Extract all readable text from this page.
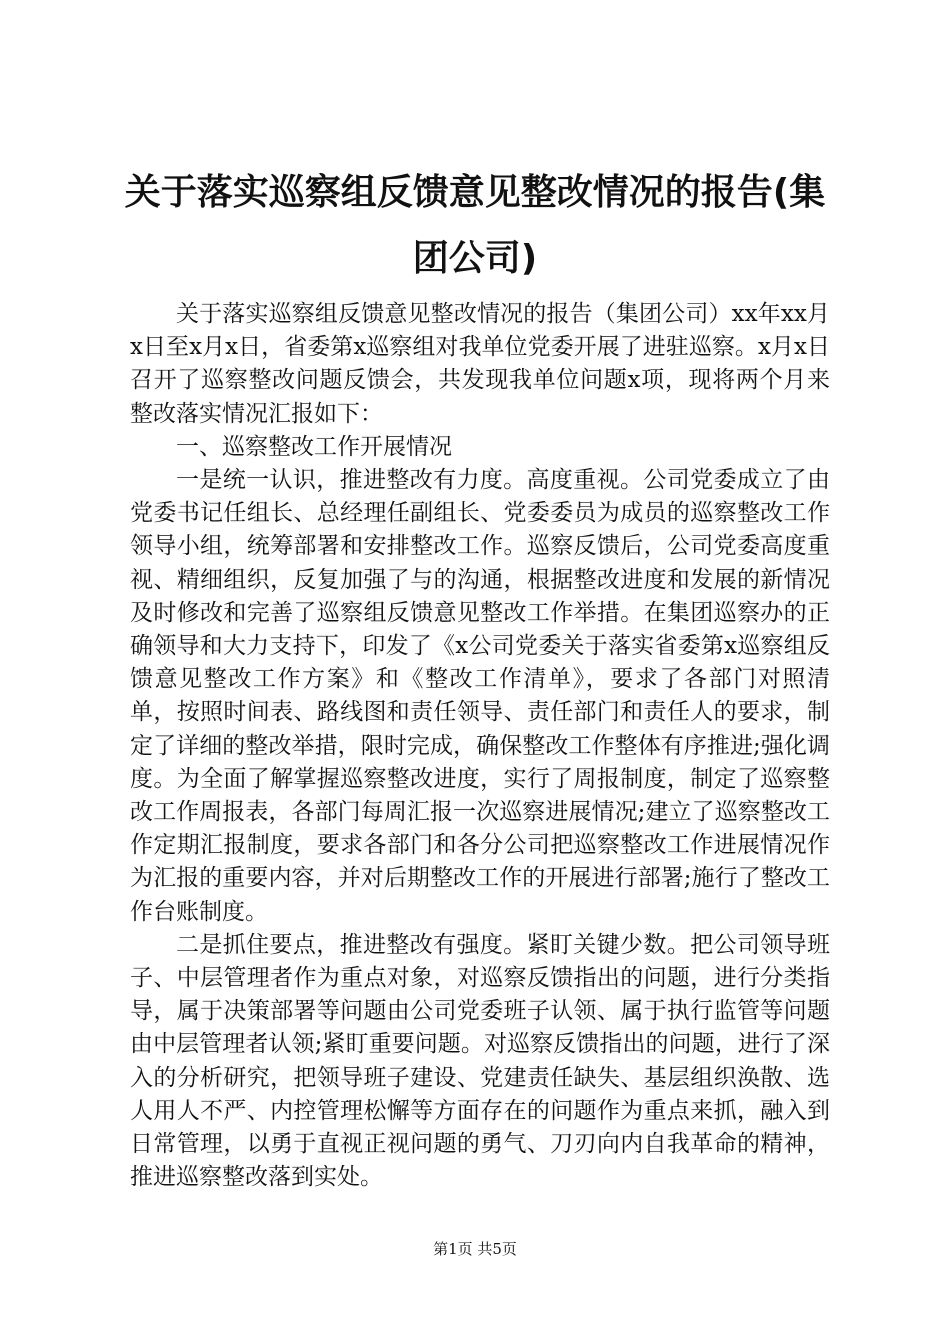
关于落实巡察组反馈意见整改情况的报告(集团公司)

关于落实巡察组反馈意见整改情况的报告（集团公司）xx年xx月x日至x月x日，省委第x巡察组对我单位党委开展了进驻巡察。x月x日召开了巡察整改问题反馈会，共发现我单位问题x项，现将两个月来整改落实情况汇报如下：

一、巡察整改工作开展情况

一是统一认识，推进整改有力度。高度重视。公司党委成立了由党委书记任组长、总经理任副组长、党委委员为成员的巡察整改工作领导小组，统筹部署和安排整改工作。巡察反馈后，公司党委高度重视、精细组织，反复加强了与的沟通，根据整改进度和发展的新情况及时修改和完善了巡察组反馈意见整改工作举措。在集团巡察办的正确领导和大力支持下，印发了《x公司党委关于落实省委第x巡察组反馈意见整改工作方案》和《整改工作清单》，要求了各部门对照清单，按照时间表、路线图和责任领导、责任部门和责任人的要求，制定了详细的整改举措，限时完成，确保整改工作整体有序推进;强化调度。为全面了解掌握巡察整改进度，实行了周报制度，制定了巡察整改工作周报表，各部门每周汇报一次巡察进展情况;建立了巡察整改工作定期汇报制度，要求各部门和各分公司把巡察整改工作进展情况作为汇报的重要内容，并对后期整改工作的开展进行部署;施行了整改工作台账制度。

二是抓住要点，推进整改有强度。紧盯关键少数。把公司领导班子、中层管理者作为重点对象，对巡察反馈指出的问题，进行分类指导，属于决策部署等问题由公司党委班子认领、属于执行监管等问题由中层管理者认领;紧盯重要问题。对巡察反馈指出的问题，进行了深入的分析研究，把领导班子建设、党建责任缺失、基层组织涣散、选人用人不严、内控管理松懈等方面存在的问题作为重点来抓，融入到日常管理，以勇于直视正视问题的勇气、刀刃向内自我革命的精神，推进巡察整改落到实处。

第1页 共5页
